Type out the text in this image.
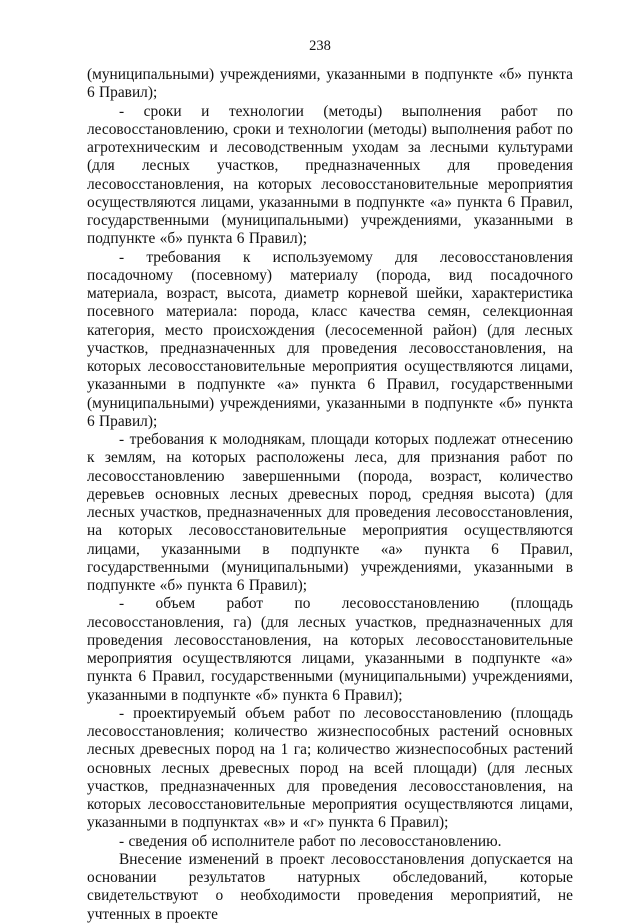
238

(муниципальными) учреждениями, указанными в подпункте «б» пункта 6 Правил);

- сроки и технологии (методы) выполнения работ по лесовосстановлению, сроки и технологии (методы) выполнения работ по агротехническим и лесоводственным уходам за лесными культурами (для лесных участков, предназначенных для проведения лесовосстановления, на которых лесовосстановительные мероприятия осуществляются лицами, указанными в подпункте «а» пункта 6 Правил, государственными (муниципальными) учреждениями, указанными в подпункте «б» пункта 6 Правил);

- требования к используемому для лесовосстановления посадочному (посевному) материалу (порода, вид посадочного материала, возраст, высота, диаметр корневой шейки, характеристика посевного материала: порода, класс качества семян, селекционная категория, место происхождения (лесосеменной район) (для лесных участков, предназначенных для проведения лесовосстановления, на которых лесовосстановительные мероприятия осуществляются лицами, указанными в подпункте «а» пункта 6 Правил, государственными (муниципальными) учреждениями, указанными в подпункте «б» пункта 6 Правил);

- требования к молоднякам, площади которых подлежат отнесению к землям, на которых расположены леса, для признания работ по лесовосстановлению завершенными (порода, возраст, количество деревьев основных лесных древесных пород, средняя высота) (для лесных участков, предназначенных для проведения лесовосстановления, на которых лесовосстановительные мероприятия осуществляются лицами, указанными в подпункте «а» пункта 6 Правил, государственными (муниципальными) учреждениями, указанными в подпункте «б» пункта 6 Правил);

- объем работ по лесовосстановлению (площадь лесовосстановления, га) (для лесных участков, предназначенных для проведения лесовосстановления, на которых лесовосстановительные мероприятия осуществляются лицами, указанными в подпункте «а» пункта 6 Правил, государственными (муниципальными) учреждениями, указанными в подпункте «б» пункта 6 Правил);

- проектируемый объем работ по лесовосстановлению (площадь лесовосстановления; количество жизнеспособных растений основных лесных древесных пород на 1 га; количество жизнеспособных растений основных лесных древесных пород на всей площади) (для лесных участков, предназначенных для проведения лесовосстановления, на которых лесовосстановительные мероприятия осуществляются лицами, указанными в подпунктах «в» и «г» пункта 6 Правил);

- сведения об исполнителе работ по лесовосстановлению.

Внесение изменений в проект лесовосстановления допускается на основании результатов натурных обследований, которые свидетельствуют о необходимости проведения мероприятий, не учтенных в проекте
